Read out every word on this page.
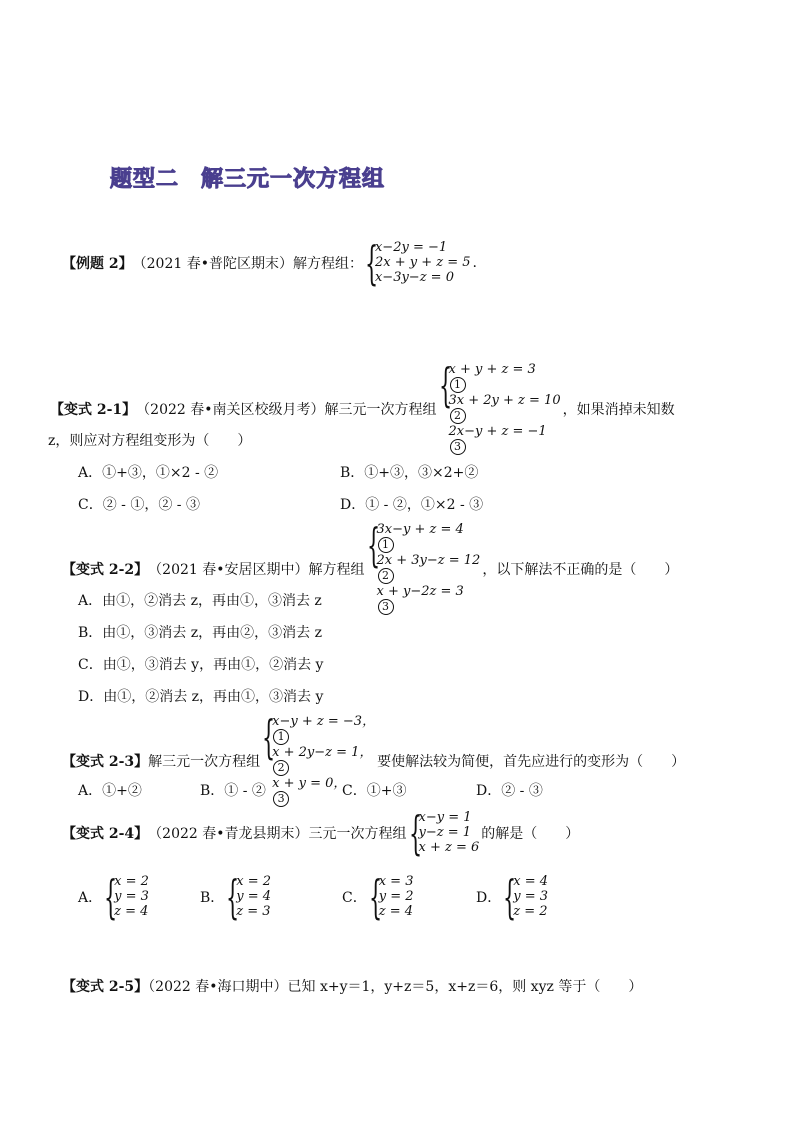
题型二 解三元一次方程组
【例题 2】 （2021 春•普陀区期末）解方程组： {
x−2y = −1
2x + y + z = 5
x−3y−z = 0
.
【变式 2-1】 （2022 春•南关区校级月考）解三元一次方程组 {
x + y + z = 3
1
3x + 2y + z = 10
2
2x−y + z = −1
3
，如果消掉未知数
z，则应对方程组变形为（　　）
A．①+③，①×2 - ②	B．①+③，③×2+②
C．② - ①，② - ③	D．① - ②，①×2 - ③
【变式 2-2】 （2021 春•安居区期中）解方程组 {
3x−y + z = 4
1
2x + 3y−z = 12
2
x + y−2z = 3
3
，以下解法不正确的是（　　）
A．由①，②消去 z，再由①，③消去 z
B．由①，③消去 z，再由②，③消去 z
C．由①，③消去 y，再由①，②消去 y
D．由①，②消去 z，再由①，③消去 y
【变式 2-3】 解三元一次方程组 {
x−y + z = −3，
1
x + 2y−z = 1，
2
x + y = 0，
3
要使解法较为简便，首先应进行的变形为（　　）
A．①+②	B．① - ②	C．①+③	D．② - ③
【变式 2-4】 （2022 春•青龙县期末）三元一次方程组 {
x−y = 1
y−z = 1
x + z = 6
的解是（　　）
A． {
x = 2
y = 3
z = 4
B． {
x = 2
y = 4
z = 3
C． {
x = 3
y = 2
z = 4
D． {
x = 4
y = 3
z = 2
【变式 2-5】（2022 春•海口期中）已知 x+y＝1，y+z＝5，x+z＝6，则 xyz 等于（　　）
